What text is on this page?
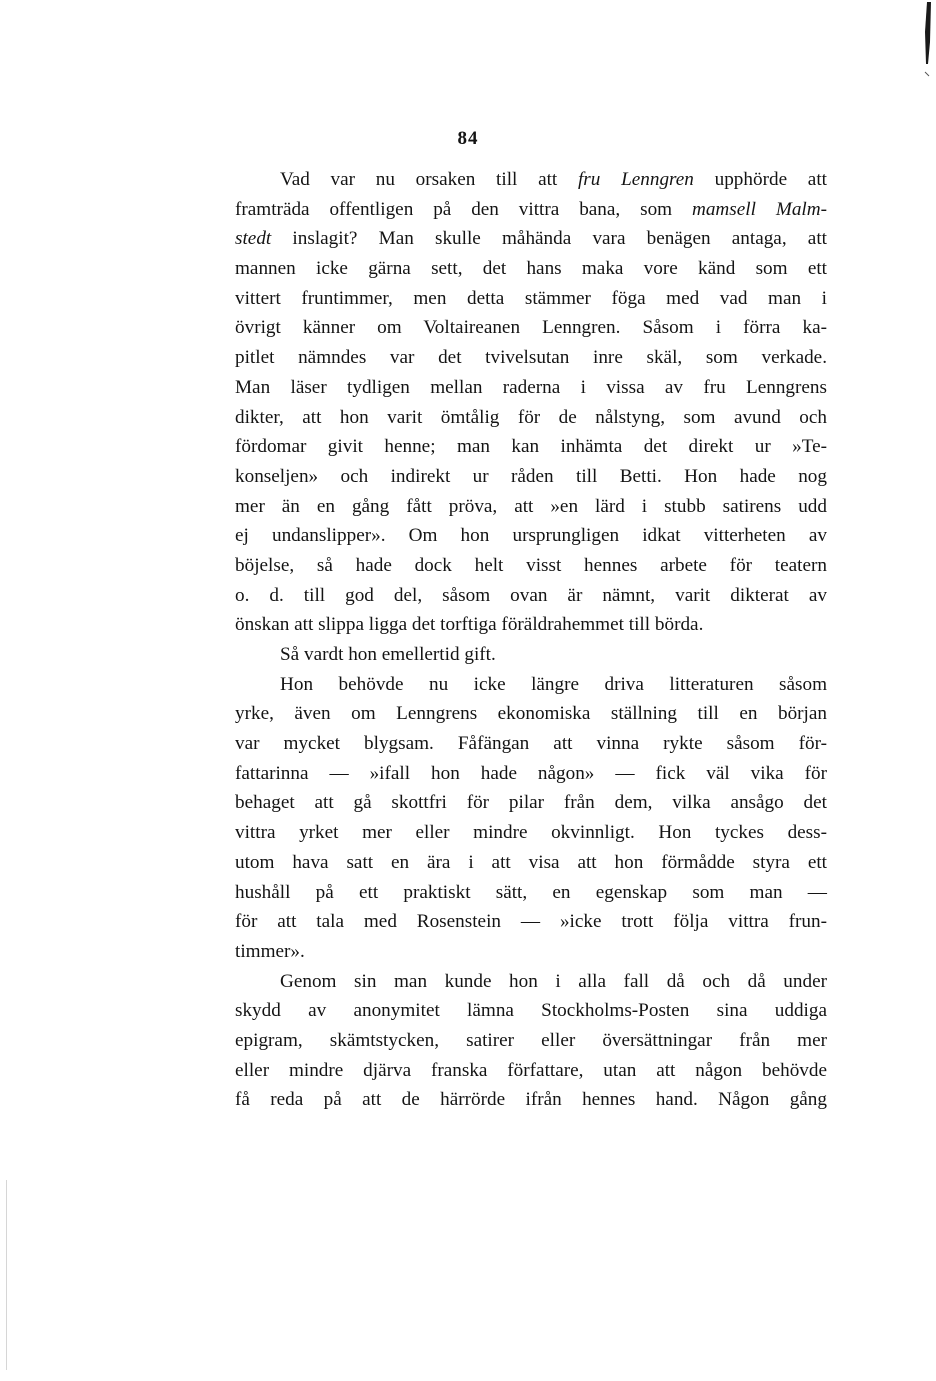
84
Vad var nu orsaken till att fru Lenngren upphörde att
framträda offentligen på den vittra bana, som mamsell Malm-
stedt inslagit? Man skulle måhända vara benägen antaga, att
mannen icke gärna sett, det hans maka vore känd som ett
vittert fruntimmer, men detta stämmer föga med vad man i
övrigt känner om Voltaireanen Lenngren. Såsom i förra ka-
pitlet nämndes var det tvivelsutan inre skäl, som verkade.
Man läser tydligen mellan raderna i vissa av fru Lenngrens
dikter, att hon varit ömtålig för de nålstyng, som avund och
fördomar givit henne; man kan inhämta det direkt ur »Te-
konseljen» och indirekt ur råden till Betti. Hon hade nog
mer än en gång fått pröva, att »en lärd i stubb satirens udd
ej undanslipper». Om hon ursprungligen idkat vitterheten av
böjelse, så hade dock helt visst hennes arbete för teatern
o. d. till god del, såsom ovan är nämnt, varit dikterat av
önskan att slippa ligga det torftiga föräldrahemmet till börda.
Så vardt hon emellertid gift.
Hon behövde nu icke längre driva litteraturen såsom
yrke, även om Lenngrens ekonomiska ställning till en början
var mycket blygsam. Fåfängan att vinna rykte såsom för-
fattarinna — »ifall hon hade någon» — fick väl vika för
behaget att gå skottfri för pilar från dem, vilka ansågo det
vittra yrket mer eller mindre okvinnligt. Hon tyckes dess-
utom hava satt en ära i att visa att hon förmådde styra ett
hushåll på ett praktiskt sätt, en egenskap som man —
för att tala med Rosenstein — »icke trott följa vittra frun-
timmer».
Genom sin man kunde hon i alla fall då och då under
skydd av anonymitet lämna Stockholms-Posten sina uddiga
epigram, skämtstycken, satirer eller översättningar från mer
eller mindre djärva franska författare, utan att någon behövde
få reda på att de härrörde ifrån hennes hand. Någon gång
